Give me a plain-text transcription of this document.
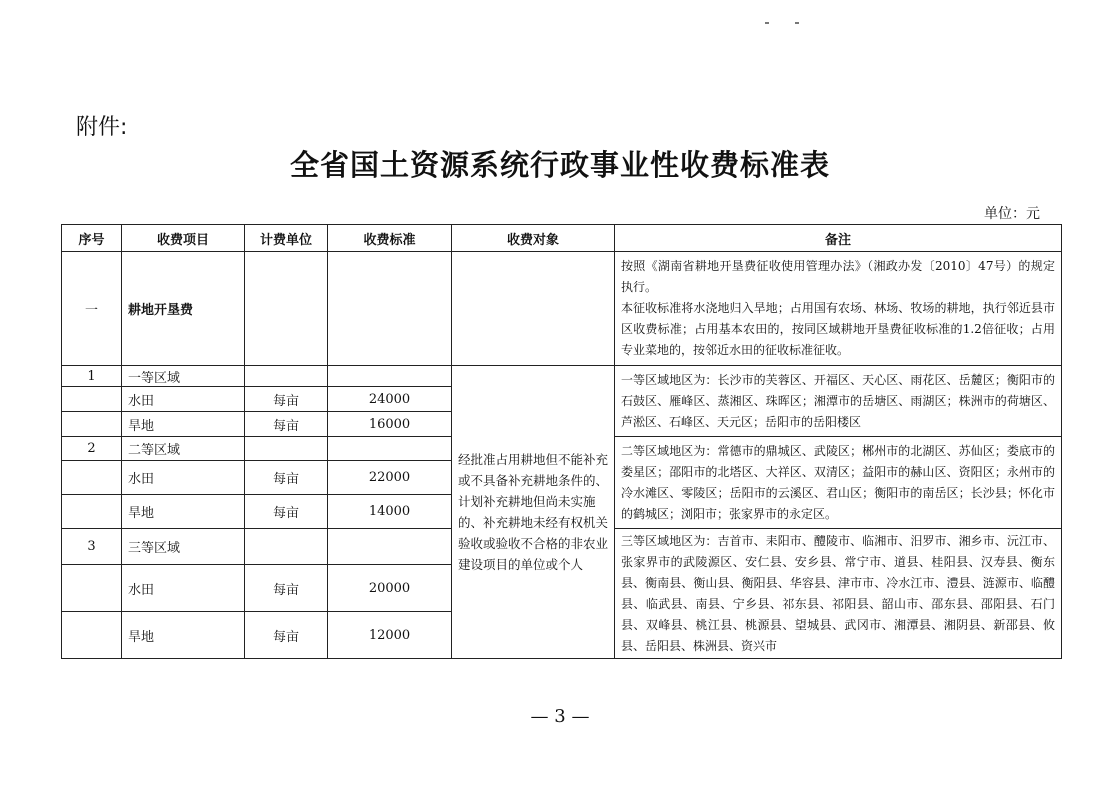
附件:
全省国土资源系统行政事业性收费标准表
单位：元
序号	收费项目	计费单位	收费标准	收费对象	备注
一	耕地开垦费				按照《湖南省耕地开垦费征收使用管理办法》（湘政办发〔2010〕47号）的规定执行。
本征收标准将水浇地归入旱地；占用国有农场、林场、牧场的耕地，执行邻近县市区收费标准；占用基本农田的，按同区域耕地开垦费征收标准的1.2倍征收；占用专业菜地的，按邻近水田的征收标准征收。

1	一等区域			经批准占用耕地但不能补充或不具备补充耕地条件的、计划补充耕地但尚未实施的、补充耕地未经有权机关验收或验收不合格的非农业建设项目的单位或个人	一等区域地区为：长沙市的芙蓉区、开福区、天心区、雨花区、岳麓区；衡阳市的石鼓区、雁峰区、蒸湘区、珠晖区；湘潭市的岳塘区、雨湖区；株洲市的荷塘区、芦淞区、石峰区、天元区；岳阳市的岳阳楼区
	水田	每亩	24000		
	旱地	每亩	16000		
2	二等区域				二等区域地区为：常德市的鼎城区、武陵区；郴州市的北湖区、苏仙区；娄底市的娄星区；邵阳市的北塔区、大祥区、双清区；益阳市的赫山区、资阳区；永州市的冷水滩区、零陵区；岳阳市的云溪区、君山区；衡阳市的南岳区；长沙县；怀化市的鹤城区；浏阳市；张家界市的永定区。
	水田	每亩	22000		
	旱地	每亩	14000		
3	三等区域				三等区域地区为：吉首市、耒阳市、醴陵市、临湘市、汨罗市、湘乡市、沅江市、张家界市的武陵源区、安仁县、安乡县、常宁市、道县、桂阳县、汉寿县、衡东县、衡南县、衡山县、衡阳县、华容县、津市市、冷水江市、澧县、涟源市、临醴县、临武县、南县、宁乡县、祁东县、祁阳县、韶山市、邵东县、邵阳县、石门县、双峰县、桃江县、桃源县、望城县、武冈市、湘潭县、湘阴县、新邵县、攸县、岳阳县、株洲县、资兴市
	水田	每亩	20000		
	旱地	每亩	12000		
— 3 —
